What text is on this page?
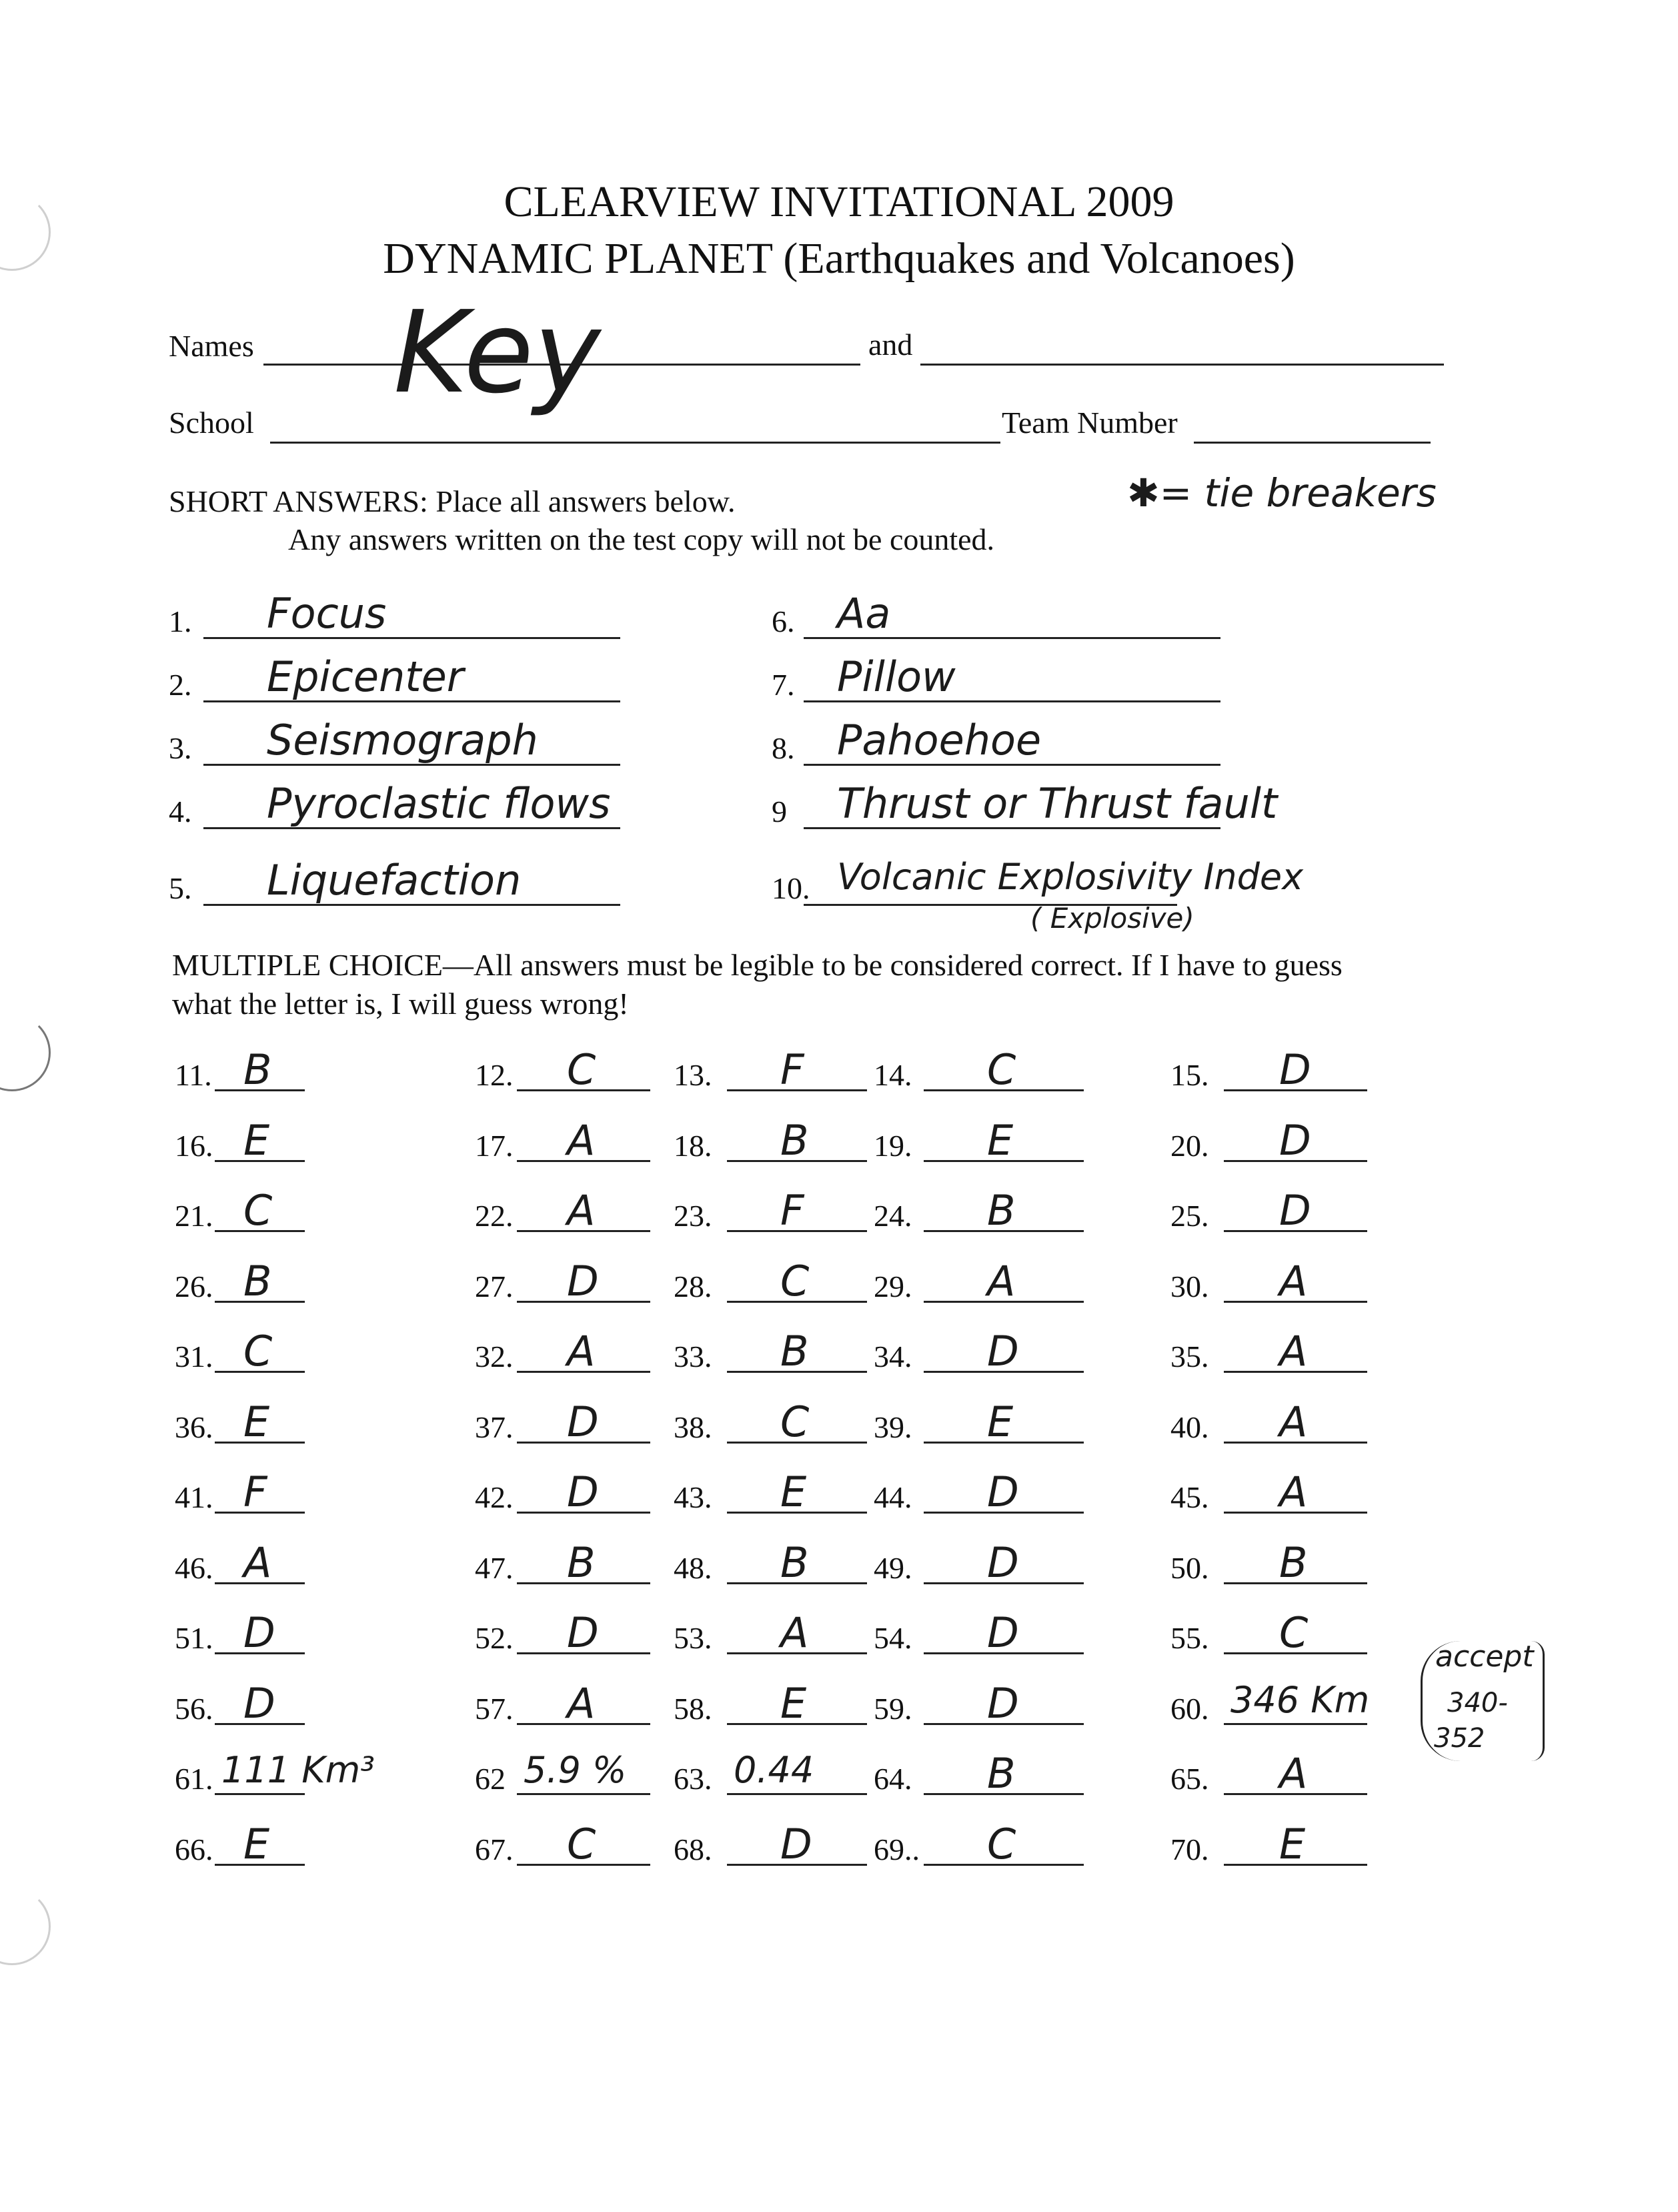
CLEARVIEW INVITATIONAL 2009
DYNAMIC PLANET (Earthquakes and Volcanoes)
Names	and
School	Team Number
Key
SHORT ANSWERS: Place all answers below.
Any answers written on the test copy will not be counted.
✱= tie breakers
1. Focus
2. Epicenter
3. Seismograph
4. Pyroclastic flows
5. Liquefaction
6. Aa
7. Pillow
8. Pahoehoe
9 Thrust or Thrust fault
10. Volcanic Explosivity Index
( Explosive)
MULTIPLE CHOICE—All answers must be legible to be considered correct. If I have to guess
what the letter is, I will guess wrong!
11. B	12. C	13. F 14. C	15. D
16. E	17. A	18. B 19. E	20. D
21. C	22. A	23. F 24. B	25. D
26. B	27. D 28. C 29. A	30. A
31. C	32. A	33. B 34. D	35. A
36. E	37. D 38. C 39. E	40. A
41. F	42. D 43. E 44. D	45. A
46. A	47. B	48. B 49. D	50. B
51. D	52. D 53. A 54. D	55. C
56. D	57. A	58. E 59. D	60. 346 Km
61. 111 Km³	62 5.9 % 63. 0.44 64. B	65. A
66. E	67. C	68. D 69.. C	70. E
accept
340-
352
